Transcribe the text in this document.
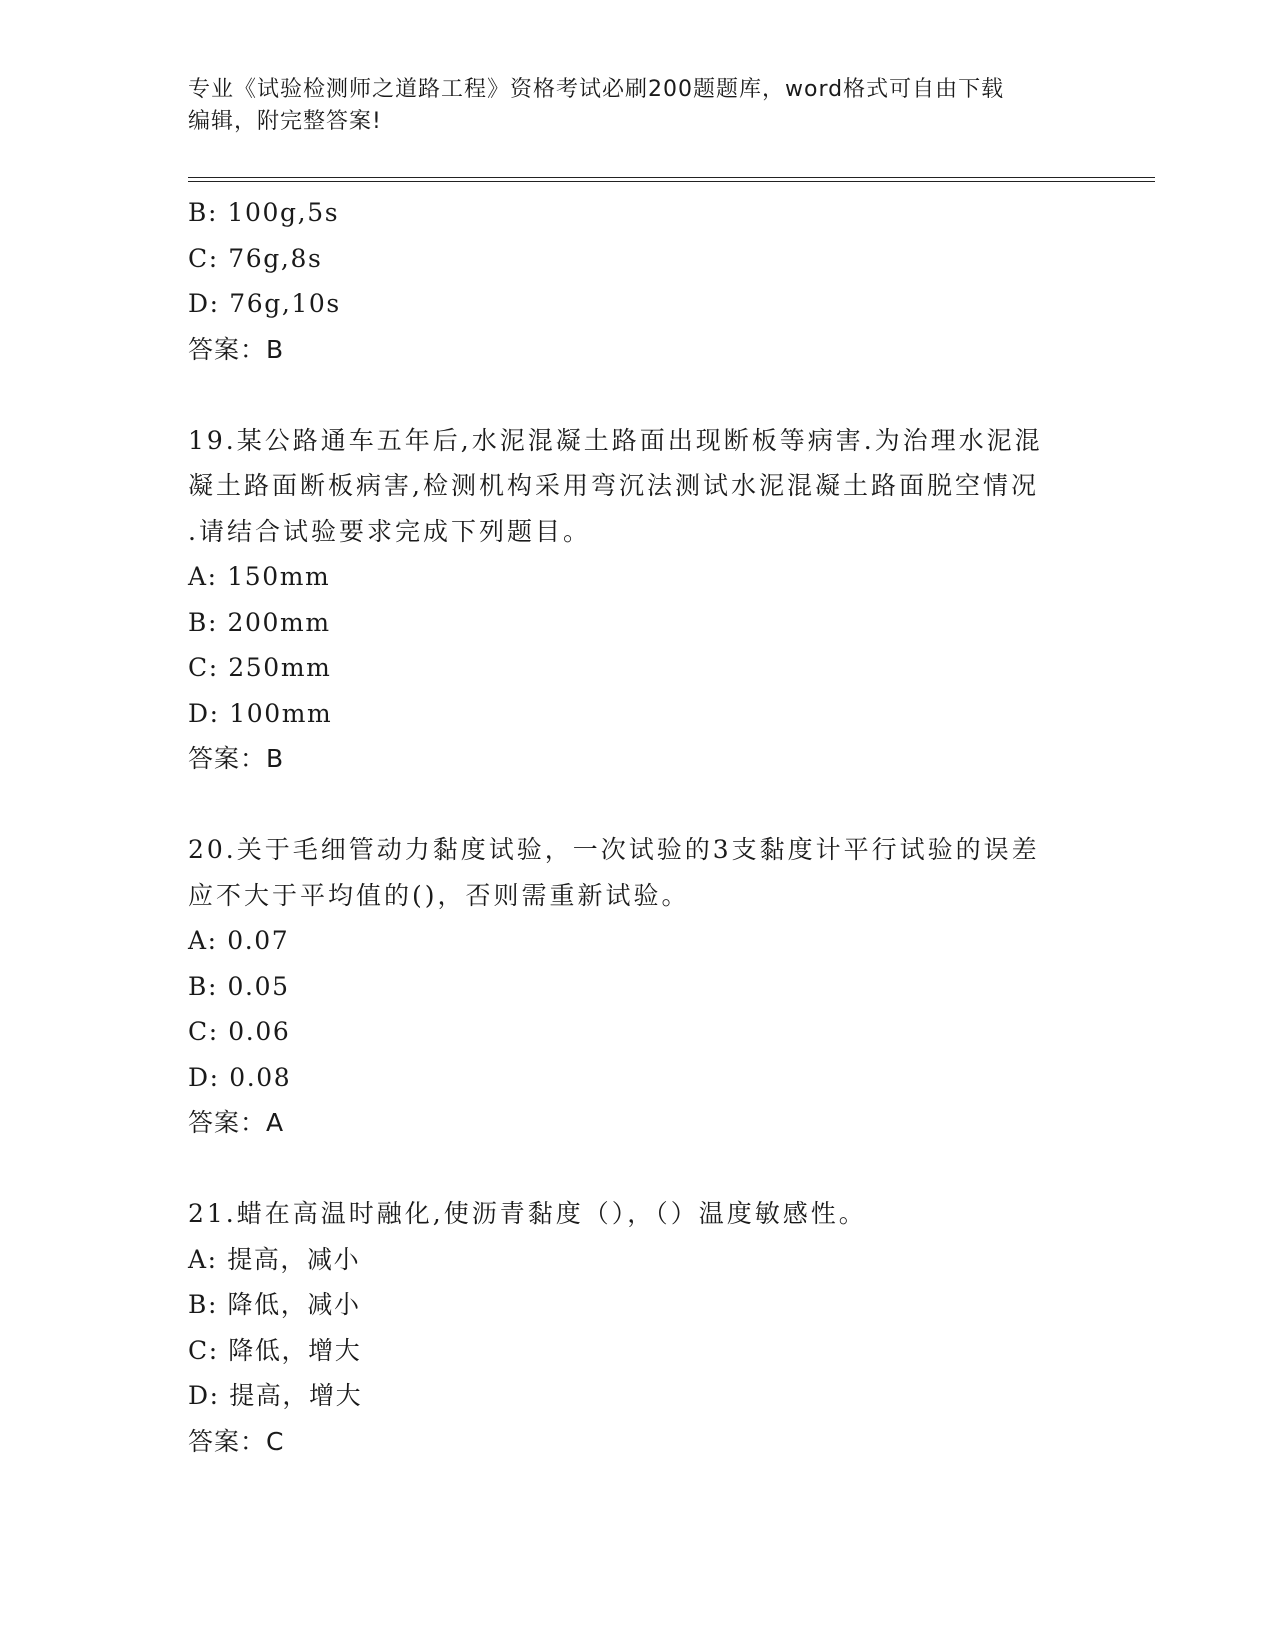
专业《试验检测师之道路工程》资格考试必刷200题题库，word格式可自由下载
编辑，附完整答案!
B: 100g,5s
C: 76g,8s
D: 76g,10s
答案：B
19.某公路通车五年后,水泥混凝土路面出现断板等病害.为治理水泥混
凝土路面断板病害,检测机构采用弯沉法测试水泥混凝土路面脱空情况
.请结合试验要求完成下列题目。
A: 150mm
B: 200mm
C: 250mm
D: 100mm
答案：B
20.关于毛细管动力黏度试验，一次试验的3支黏度计平行试验的误差
应不大于平均值的()，否则需重新试验。
A: 0.07
B: 0.05
C: 0.06
D: 0.08
答案：A
21.蜡在高温时融化,使沥青黏度（），（）温度敏感性。
A: 提高，减小
B: 降低，减小
C: 降低，增大
D: 提高，增大
答案：C
